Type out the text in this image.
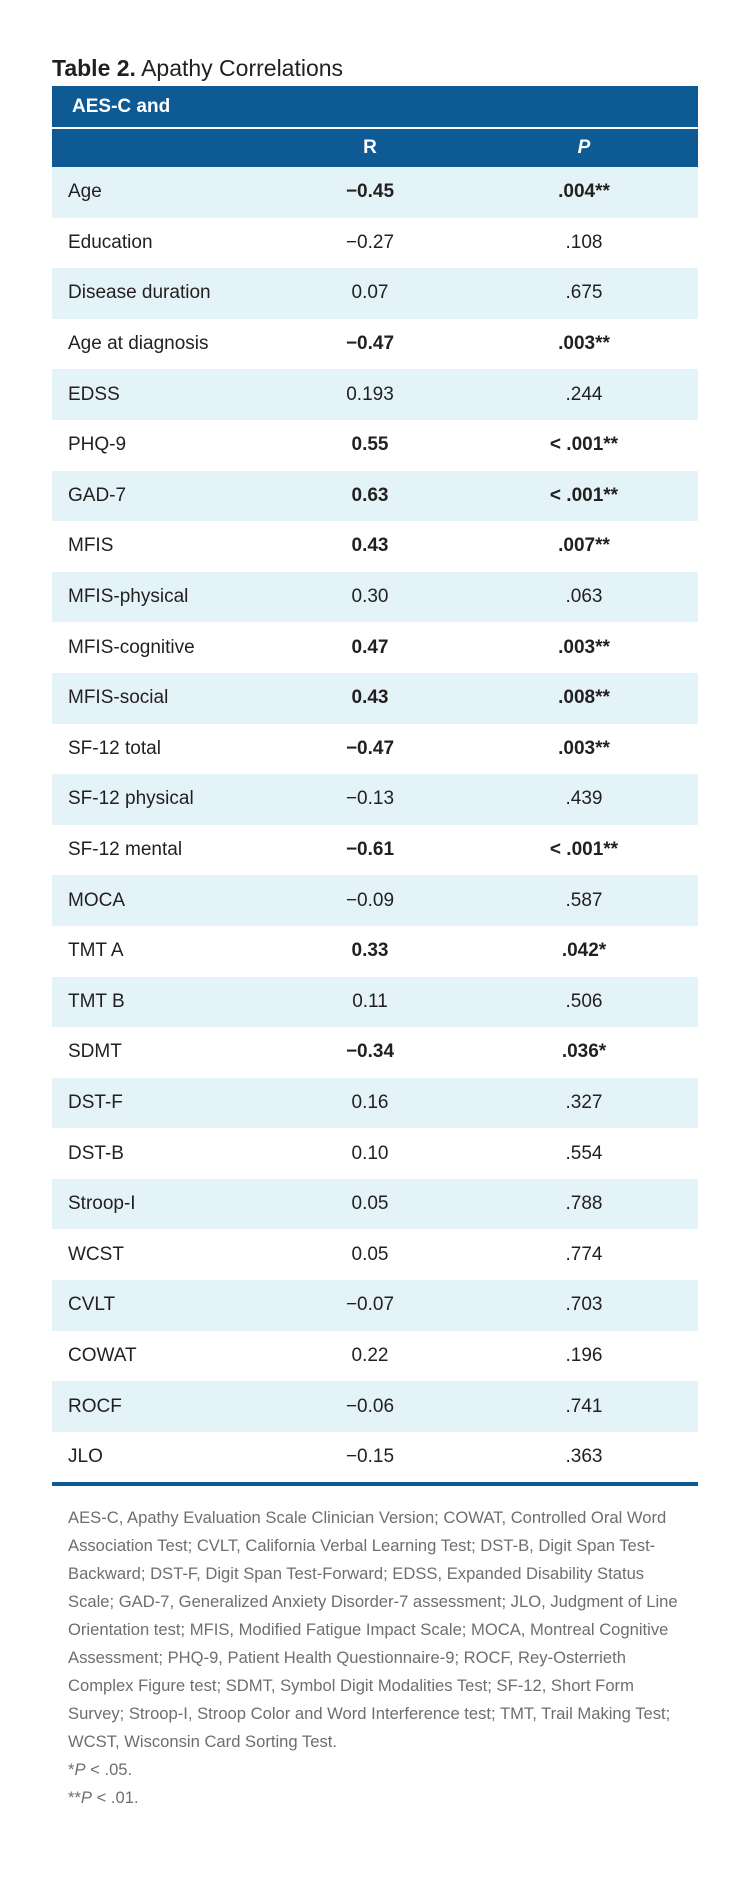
Table 2. Apathy Correlations
AES-C and
R	P
Age	−0.45	.004**
Education	−0.27	.108
Disease duration	0.07	.675
Age at diagnosis	−0.47	.003**
EDSS	0.193	.244
PHQ-9	0.55	< .001**
GAD-7	0.63	< .001**
MFIS	0.43	.007**
MFIS-physical	0.30	.063
MFIS-cognitive	0.47	.003**
MFIS-social	0.43	.008**
SF-12 total	−0.47	.003**
SF-12 physical	−0.13	.439
SF-12 mental	−0.61	< .001**
MOCA	−0.09	.587
TMT A	0.33	.042*
TMT B	0.11	.506
SDMT	−0.34	.036*
DST-F	0.16	.327
DST-B	0.10	.554
Stroop-I	0.05	.788
WCST	0.05	.774
CVLT	−0.07	.703
COWAT	0.22	.196
ROCF	−0.06	.741
JLO	−0.15	.363

AES-C, Apathy Evaluation Scale Clinician Version; COWAT, Controlled Oral Word Association Test; CVLT, California Verbal Learning Test; DST-B, Digit Span Test-Backward; DST-F, Digit Span Test-Forward; EDSS, Expanded Disability Status Scale; GAD-7, Generalized Anxiety Disorder-7 assessment; JLO, Judgment of Line Orientation test; MFIS, Modified Fatigue Impact Scale; MOCA, Montreal Cognitive Assessment; PHQ-9, Patient Health Questionnaire-9; ROCF, Rey-Osterrieth Complex Figure test; SDMT, Symbol Digit Modalities Test; SF-12, Short Form Survey; Stroop-I, Stroop Color and Word Interference test; TMT, Trail Making Test; WCST, Wisconsin Card Sorting Test.

*P < .05.

**P < .01.
